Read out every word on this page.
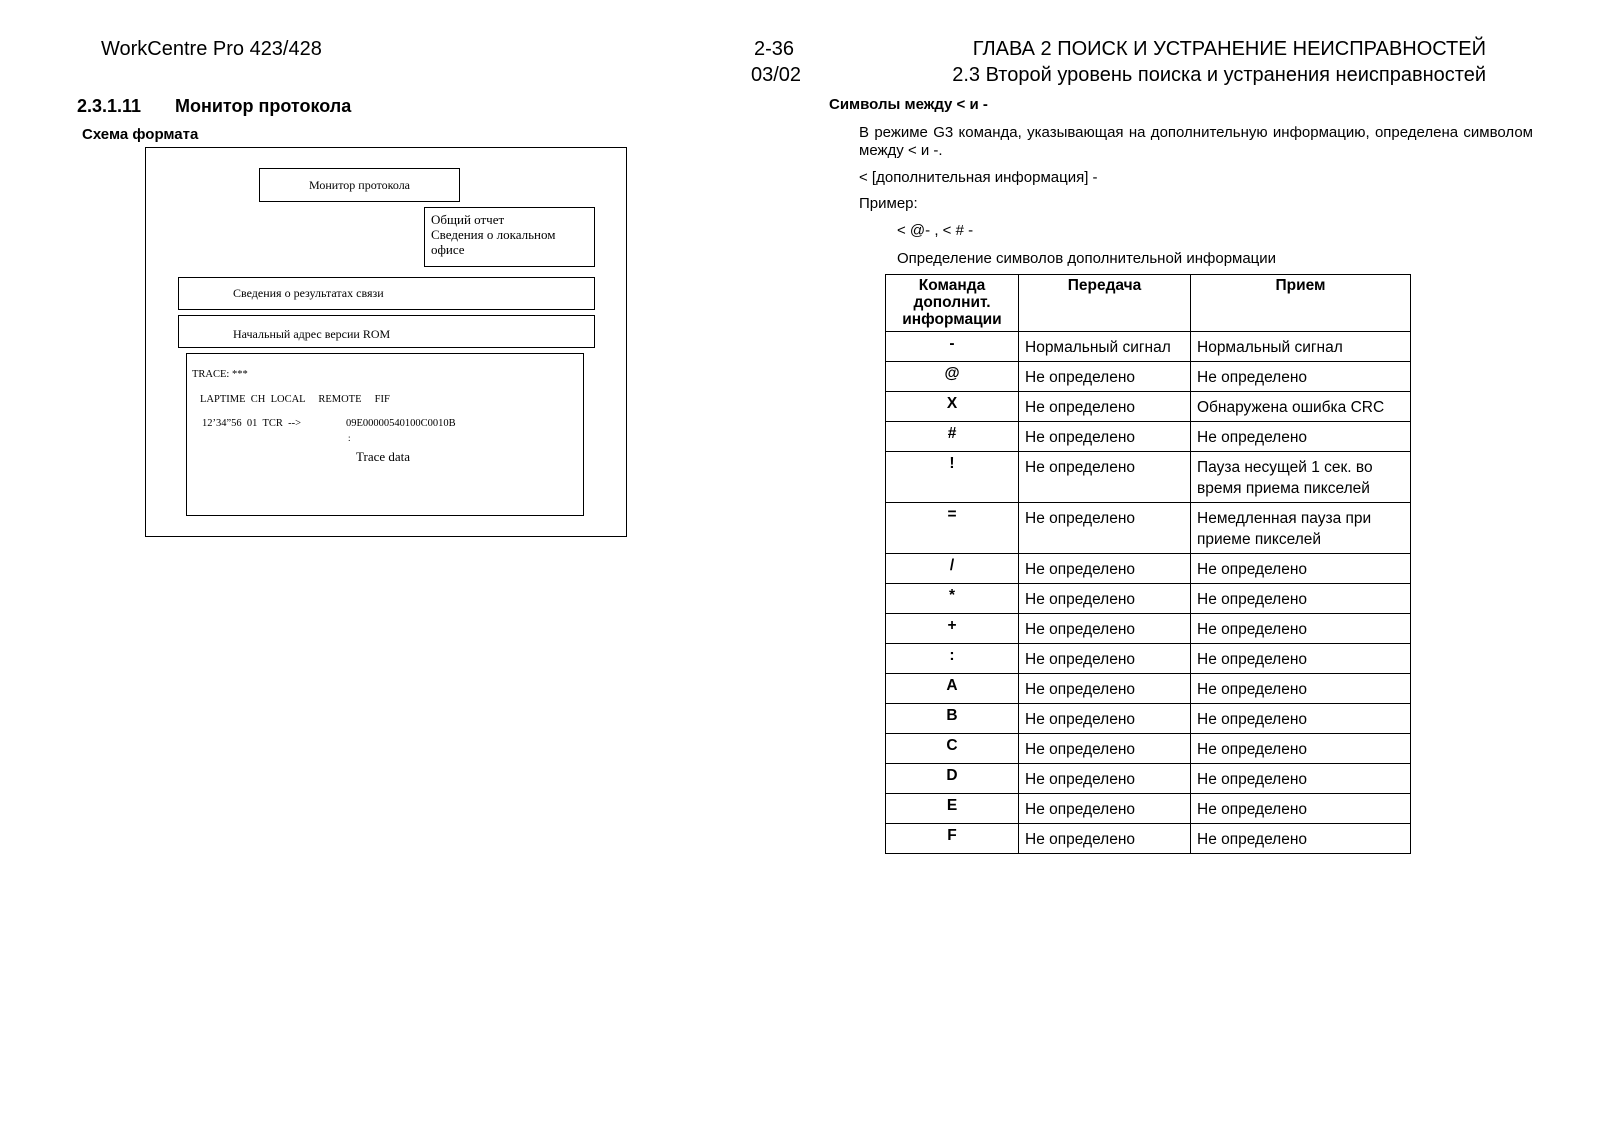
WorkCentre Pro 423/428	2-36
03/02
ГЛАВА 2 ПОИСК И УСТРАНЕНИЕ НЕИСПРАВНОСТЕЙ
2.3 Второй уровень поиска и устранения неисправностей
2.3.1.11 Монитор протокола
Схема формата
Монитор протокола
Общий отчет
Сведения о локальном
офисе
Сведения о результатах связи
Начальный адрес версии ROM
TRACE: ***
LAPTIME  CH  LOCAL     REMOTE     FIF
12’34”56  01  TCR  -->	09E00000540100C0010B
:
Trace data
Символы между < и -
В режиме G3 команда, указывающая на дополнительную информацию, определена символом между < и -.
< [дополнительная информация] -
Пример:
< @- , < # -
Определение символов дополнительной информации
Команда дополнит. информации	Передача	Прием
-	Нормальный сигнал	Нормальный сигнал
@	Не определено	Не определено
X	Не определено	Обнаружена ошибка CRC
#	Не определено	Не определено
!	Не определено	Пауза несущей 1 сек. во время приема пикселей
=	Не определено	Немедленная пауза при приеме пикселей
/	Не определено	Не определено
*	Не определено	Не определено
+	Не определено	Не определено
:	Не определено	Не определено
A	Не определено	Не определено
B	Не определено	Не определено
C	Не определено	Не определено
D	Не определено	Не определено
E	Не определено	Не определено
F	Не определено	Не определено
